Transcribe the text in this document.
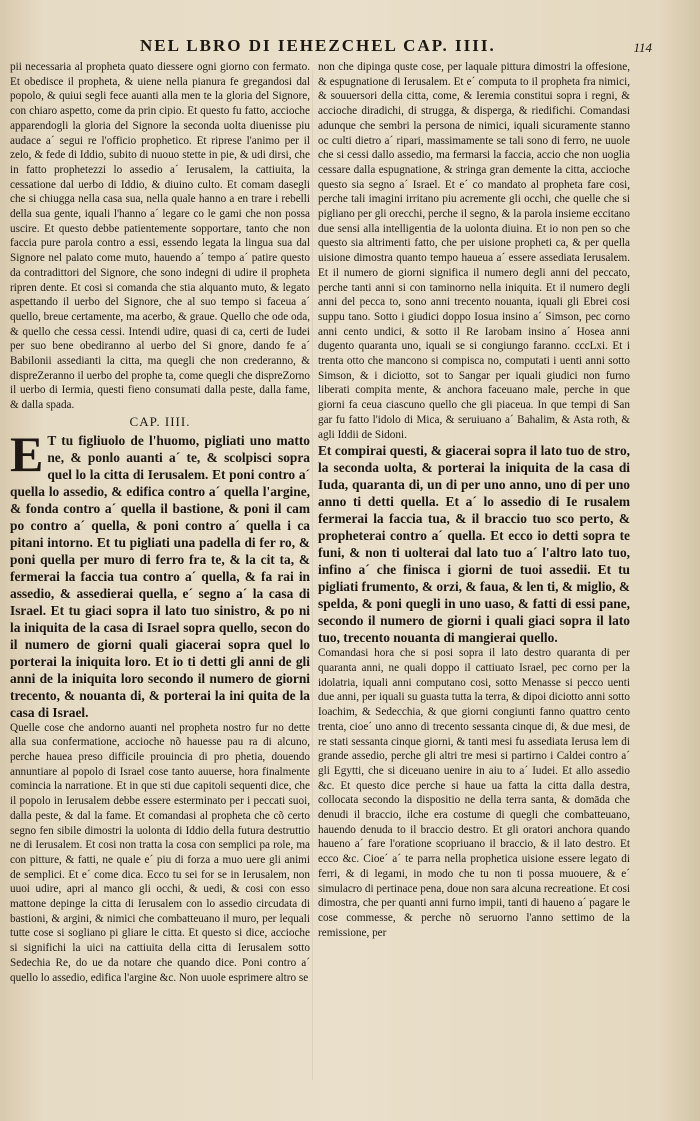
NEL LBRO DI IEHEZCHEL CAP. IIII.	114

pii necessaria al propheta quato diessere ogni giorno con fermato. Et obedisce il propheta, & uiene nella pianura fe gregandosi dal popolo, & quiui segli fece auanti alla men te la gloria del Signore, con chiaro aspetto, come da prin cipio. Et questo fu fatto, accioche apparendogli la gloria del Signore la seconda uolta diuenisse piu audace a´ segui re l'officio prophetico. Et riprese l'animo per il zelo, & fede di Iddio, subito di nuouo stette in pie, & udi dirsi, che in fatto prophetezzi lo assedio a´ Ierusalem, la cattiuita, la cessatione dal uerbo di Iddio, & diuino culto. Et comam dasegli che si chiugga nella casa sua, nella quale hanno a en trare i rebelli della sua gente, iquali l'hanno a´ legare co le gami che non possa uscire. Et questo debbe patientemente sopportare, tanto che non faccia pure parola contro a essi, essendo legata la lingua sua dal Signore nel palato come muto, hauendo a´ tempo a´ patire questo da contradittori del Signore, che sono indegni di udire il propheta ripren dente. Et cosi si comanda che stia alquanto muto, & legato aspettando il uerbo del Signore, che al suo tempo si faceua a´ quello, breue certamente, ma acerbo, & graue. Quello che ode oda, & quello che cessa cessi. Intendi udire, quasi di ca, certi de Iudei per suo bene obediranno al uerbo del Si gnore, dando fe a´ Babilonii assedianti la citta, ma quegli che non crederanno, & dispreZeranno il uerbo del prophe ta, come quegli che dispreZorno il uerbo di Iermia, questi fieno consumati dalla peste, dalla fame, & dalla spada.

CAP. IIII.

E T tu figliuolo de l'huomo, pigliati uno matto ne, & ponlo auanti a´ te, & scolpisci sopra quel lo la citta di Ierusalem. Et poni contro a´ quella lo assedio, & edifica contro a´ quella l'argine, & fonda contro a´ quella il bastione, & poni il cam po contro a´ quella, & poni contro a´ quella i ca pitani intorno. Et tu pigliati una padella di fer ro, & poni quella per muro di ferro fra te, & la cit ta, & fermerai la faccia tua contro a´ quella, & fa rai in assedio, & assedierai quella, e´ segno a´ la casa di Israel. Et tu giaci sopra il lato tuo sinistro, & po ni la iniquita de la casa di Israel sopra quello, secon do il numero de giorni quali giacerai sopra quel lo porterai la iniquita loro. Et io ti detti gli anni de gli anni de la iniquita loro secondo il numero de giorni trecento, & nouanta di, & porterai la ini quita de la casa di Israel.

Quelle cose che andorno auanti nel propheta nostro fur no dette alla sua confermatione, accioche nõ hauesse pau ra di alcuno, perche hauea preso difficile prouincia di pro phetia, douendo annuntiare al popolo di Israel cose tanto auuerse, hora finalmente comincia la narratione. Et in que sti due capitoli sequenti dice, che il popolo in Ierusalem debbe essere esterminato per i peccati suoi, dalla peste, & dal la fame. Et comandasi al propheta che cõ certo segno fen sibile dimostri la uolonta di Iddio della futura destruttio ne di Ierusalem. Et cosi non tratta la cosa con semplici pa role, ma con pitture, & fatti, ne quale e´ piu di forza a muo uere gli animi de semplici. Et e´ come dica. Ecco tu sei for se in Ierusalem, non uuoi udire, apri al manco gli occhi, & uedi, & cosi con esso mattone depinge la citta di Ierusalem con lo assedio circudata di bastioni, & argini, & nimici che combatteuano il muro, per lequali tutte cose si sogliano pi gliare le citta. Et questo si dice, accioche si significhi la uici na cattiuita della citta di Ierusalem sotto Sedechia Re, do ue da notare che quando dice. Poni contro a´ quello lo assedio, edifica l'argine &c. Non uuole esprimere altro se

non che dipinga quste cose, per laquale pittura dimostri la offesione, & espugnatione di Ierusalem. Et e´ computa to il propheta fra nimici, & souuersori della citta, come, & Ieremia constitui sopra i regni, & accioche diradichi, di strugga, & disperga, & riedifichi. Comandasi adunque che sembri la persona de nimici, iquali sicuramente stanno oc culti dietro a´ ripari, massimamente se tali sono di ferro, ne uuole che si cessi dallo assedio, ma fermarsi la faccia, accio che non uoglia cessare dalla espugnatione, & stringa gran demente la citta, accioche questo sia segno a´ Israel. Et e´ co mandato al propheta fare cosi, perche tali imagini irritano piu acremente gli occhi, che quelle che si pigliano per gli orecchi, perche il segno, & la parola insieme eccitano due sensi alla intelligentia de la uolonta diuina. Et io non pen so che questo sia altrimenti fatto, che per uisione propheti ca, & per quella uisione dimostra quanto tempo haueua a´ essere assediata Ierusalem. Et il numero de giorni significa il numero degli anni del peccato, perche tanti anni si con taminorno nella iniquita. Et il numero degli anni del pecca to, sono anni trecento nouanta, iquali gli Ebrei cosi suppu tano. Sotto i giudici doppo Iosua insino a´ Simson, pec corno anni cento undici, & sotto il Re Iarobam insino a´ Hosea anni dugento quaranta uno, iquali se si congiungo faranno. cccLxi. Et i trenta otto che mancono si compisca no, computati i uenti anni sotto Simson, & i diciotto, sot to Sangar per iquali giudici non furno liberati compita mente, & anchora faceuano male, perche in que giorni fa ceua ciascuno quello che gli piaceua. In que tempi di San gar fu fatto l'idolo di Mica, & seruiuano a´ Bahalim, & Asta roth, & agli Iddii de Sidoni.

Et compirai questi, & giacerai sopra il lato tuo de stro, la seconda uolta, & porterai la iniquita de la casa di Iuda, quaranta di, un di per uno anno, uno di per uno anno ti detti quella. Et a´ lo assedio di Ie rusalem fermerai la faccia tua, & il braccio tuo sco perto, & propheterai contro a´ quella. Et ecco io detti sopra te funi, & non ti uolterai dal lato tuo a´ l'altro lato tuo, infino a´ che finisca i giorni de tuoi assedii. Et tu pigliati frumento, & orzi, & faua, & len ti, & miglio, & spelda, & poni quegli in uno uaso, & fatti di essi pane, secondo il numero de giorni i quali giaci sopra il lato tuo, trecento nouanta di mangierai quello.

Comandasi hora che si posi sopra il lato destro quaranta di per quaranta anni, ne quali doppo il cattiuato Israel, pec corno per la idolatria, iquali anni computano cosi, sotto Menasse si pecco uenti due anni, per iquali su guasta tutta la terra, & dipoi diciotto anni sotto Ioachim, & Sedecchia, & que giorni congiunti fanno quattro cento trenta, cioe´ uno anno di trecento sessanta cinque di, & due mesi, de re stati sessanta cinque giorni, & tanti mesi fu assediata Ierusa lem di grande assedio, perche gli altri tre mesi si partirno i Caldei contro a´ gli Egytti, che si diceuano uenire in aiu to a´ Iudei. Et allo assedio &c. Et questo dice perche si haue ua fatta la citta dalla destra, collocata secondo la dispositio ne della terra santa, & domāda che denudi il braccio, ilche era costume di quegli che combatteuano, hauendo denuda to il braccio destro. Et gli oratori anchora quando haueno a´ fare l'oratione scopriuano il braccio, & il lato destro. Et ecco &c. Cioe´ a´ te parra nella prophetica uisione essere legato di ferri, & di legami, in modo che tu non ti possa muouere, & e´ simulacro di pertinace pena, doue non sara alcuna recreatione. Et cosi dimostra, che per quanti anni furno impii, tanti di haueno a´ pagare le cose commesse, & perche nõ seruorno l'anno settimo de la remissione, per
